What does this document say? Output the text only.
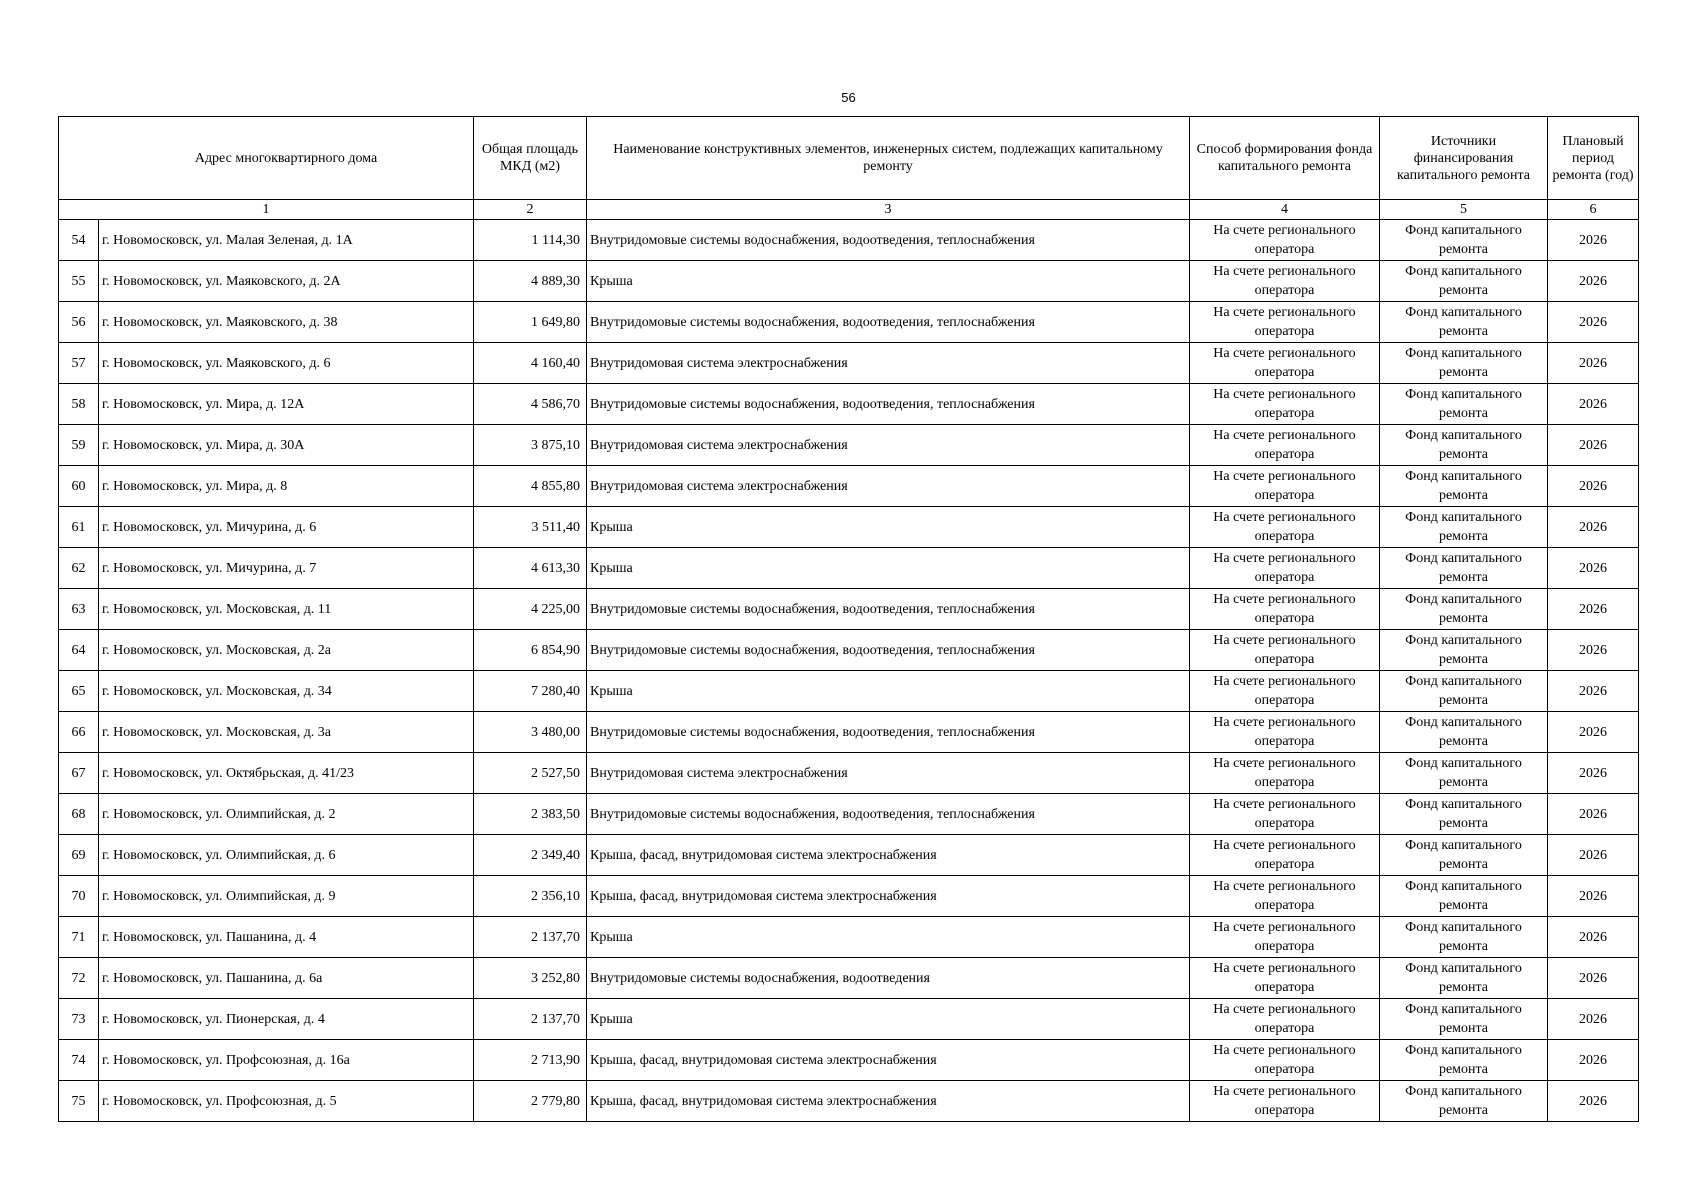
56
Адрес многоквартирного дома		Общая площадь МКД (м2)	Наименование конструктивных элементов, инженерных систем, подлежащих капитальному ремонту	Способ формирования фонда капитального ремонта	Источники финансирования капитального ремонта	Плановый период ремонта (год)
1		2	3	4	5	6
54	г. Новомосковск, ул. Малая Зеленая, д. 1А	1 114,30	Внутридомовые системы водоснабжения, водоотведения, теплоснабжения	На счете регионального оператора	Фонд капитального ремонта	2026
55	г. Новомосковск, ул. Маяковского, д. 2А	4 889,30	Крыша	На счете регионального оператора	Фонд капитального ремонта	2026
56	г. Новомосковск, ул. Маяковского, д. 38	1 649,80	Внутридомовые системы водоснабжения, водоотведения, теплоснабжения	На счете регионального оператора	Фонд капитального ремонта	2026
57	г. Новомосковск, ул. Маяковского, д. 6	4 160,40	Внутридомовая система электроснабжения	На счете регионального оператора	Фонд капитального ремонта	2026
58	г. Новомосковск, ул. Мира, д. 12А	4 586,70	Внутридомовые системы водоснабжения, водоотведения, теплоснабжения	На счете регионального оператора	Фонд капитального ремонта	2026
59	г. Новомосковск, ул. Мира, д. 30А	3 875,10	Внутридомовая система электроснабжения	На счете регионального оператора	Фонд капитального ремонта	2026
60	г. Новомосковск, ул. Мира, д. 8	4 855,80	Внутридомовая система электроснабжения	На счете регионального оператора	Фонд капитального ремонта	2026
61	г. Новомосковск, ул. Мичурина, д. 6	3 511,40	Крыша	На счете регионального оператора	Фонд капитального ремонта	2026
62	г. Новомосковск, ул. Мичурина, д. 7	4 613,30	Крыша	На счете регионального оператора	Фонд капитального ремонта	2026
63	г. Новомосковск, ул. Московская, д. 11	4 225,00	Внутридомовые системы водоснабжения, водоотведения, теплоснабжения	На счете регионального оператора	Фонд капитального ремонта	2026
64	г. Новомосковск, ул. Московская, д. 2а	6 854,90	Внутридомовые системы водоснабжения, водоотведения, теплоснабжения	На счете регионального оператора	Фонд капитального ремонта	2026
65	г. Новомосковск, ул. Московская, д. 34	7 280,40	Крыша	На счете регионального оператора	Фонд капитального ремонта	2026
66	г. Новомосковск, ул. Московская, д. 3а	3 480,00	Внутридомовые системы водоснабжения, водоотведения, теплоснабжения	На счете регионального оператора	Фонд капитального ремонта	2026
67	г. Новомосковск, ул. Октябрьская, д. 41/23	2 527,50	Внутридомовая система электроснабжения	На счете регионального оператора	Фонд капитального ремонта	2026
68	г. Новомосковск, ул. Олимпийская, д. 2	2 383,50	Внутридомовые системы водоснабжения, водоотведения, теплоснабжения	На счете регионального оператора	Фонд капитального ремонта	2026
69	г. Новомосковск, ул. Олимпийская, д. 6	2 349,40	Крыша, фасад, внутридомовая система электроснабжения	На счете регионального оператора	Фонд капитального ремонта	2026
70	г. Новомосковск, ул. Олимпийская, д. 9	2 356,10	Крыша, фасад, внутридомовая система электроснабжения	На счете регионального оператора	Фонд капитального ремонта	2026
71	г. Новомосковск, ул. Пашанина, д. 4	2 137,70	Крыша	На счете регионального оператора	Фонд капитального ремонта	2026
72	г. Новомосковск, ул. Пашанина, д. 6а	3 252,80	Внутридомовые системы водоснабжения, водоотведения	На счете регионального оператора	Фонд капитального ремонта	2026
73	г. Новомосковск, ул. Пионерская, д. 4	2 137,70	Крыша	На счете регионального оператора	Фонд капитального ремонта	2026
74	г. Новомосковск, ул. Профсоюзная, д. 16а	2 713,90	Крыша, фасад, внутридомовая система электроснабжения	На счете регионального оператора	Фонд капитального ремонта	2026
75	г. Новомосковск, ул. Профсоюзная, д. 5	2 779,80	Крыша, фасад, внутридомовая система электроснабжения	На счете регионального оператора	Фонд капитального ремонта	2026
